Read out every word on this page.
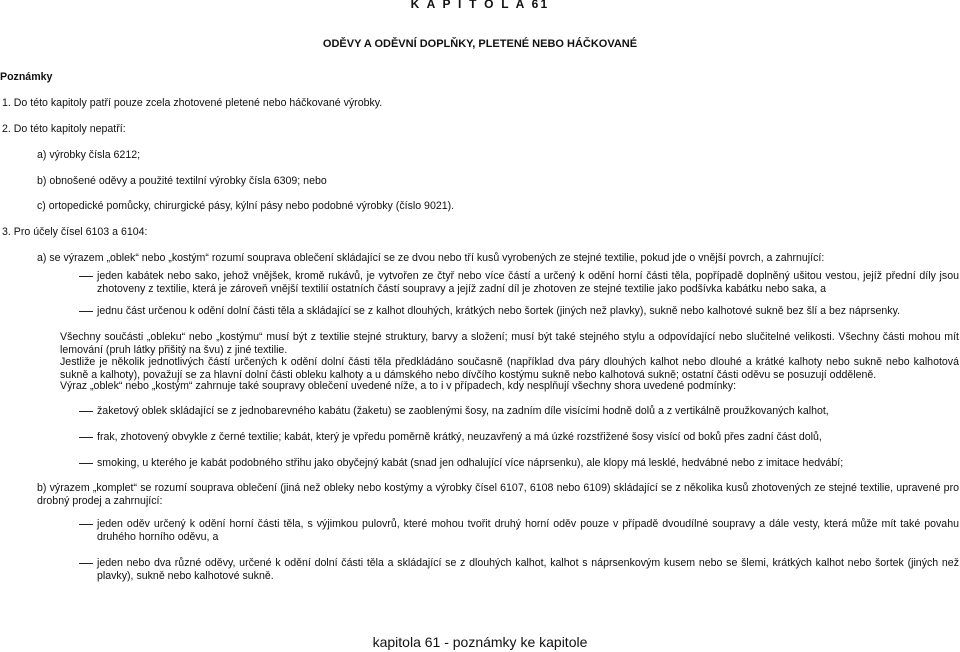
K A P I T O L A 61
ODĚVY A ODĚVNÍ DOPLŇKY, PLETENÉ NEBO HÁČKOVANÉ
Poznámky
1. Do této kapitoly patří pouze zcela zhotovené pletené nebo háčkované výrobky.
2. Do této kapitoly nepatří:
a) výrobky čísla 6212;
b) obnošené oděvy a použité textilní výrobky čísla 6309; nebo
c) ortopedické pomůcky, chirurgické pásy, kýlní pásy nebo podobné výrobky (číslo 9021).
3. Pro účely čísel 6103 a 6104:
a) se výrazem „oblek“ nebo „kostým“ rozumí souprava oblečení skládající se ze dvou nebo tří kusů vyrobených ze stejné textilie, pokud jde o vnější povrch, a zahrnující:
jeden kabátek nebo sako, jehož vnějšek, kromě rukávů, je vytvořen ze čtyř nebo více částí a určený k odění horní části těla, popřípadě doplněný ušitou vestou, jejíž přední díly jsou zhotoveny z textilie, která je zároveň vnější textilií ostatních částí soupravy a jejíž zadní díl je zhotoven ze stejné textilie jako podšívka kabátku nebo saka, a
jednu část určenou k odění dolní části těla a skládající se z kalhot dlouhých, krátkých nebo šortek (jiných než plavky), sukně nebo kalhotové sukně bez šlí a bez náprsenky.
Všechny součásti „obleku“ nebo „kostýmu“ musí být z textilie stejné struktury, barvy a složení; musí být také stejného stylu a odpovídající nebo slučitelné velikosti. Všechny části mohou mít lemování (pruh látky přišitý na švu) z jiné textilie.
Jestliže je několik jednotlivých částí určených k odění dolní části těla předkládáno současně (například dva páry dlouhých kalhot nebo dlouhé a krátké kalhoty nebo sukně nebo kalhotová sukně a kalhoty), považují se za hlavní dolní části obleku kalhoty a u dámského nebo dívčího kostýmu sukně nebo kalhotová sukně; ostatní části oděvu se posuzují odděleně.
Výraz „oblek“ nebo „kostým“ zahrnuje také soupravy oblečení uvedené níže, a to i v případech, kdy nesplňují všechny shora uvedené podmínky:
žaketový oblek skládající se z jednobarevného kabátu (žaketu) se zaoblenými šosy, na zadním díle visícími hodně dolů a z vertikálně proužkovaných kalhot,
frak, zhotovený obvykle z černé textilie; kabát, který je vpředu poměrně krátký, neuzavřený a má úzké rozstřižené šosy visící od boků přes zadní část dolů,
smoking, u kterého je kabát podobného střihu jako obyčejný kabát (snad jen odhalující více náprsenku), ale klopy má lesklé, hedvábné nebo z imitace hedvábí;
b) výrazem „komplet“ se rozumí souprava oblečení (jiná než obleky nebo kostýmy a výrobky čísel 6107, 6108 nebo 6109) skládající se z několika kusů zhotovených ze stejné textilie, upravené pro drobný prodej a zahrnující:
jeden oděv určený k odění horní části těla, s výjimkou pulovrů, které mohou tvořit druhý horní oděv pouze v případě dvoudílné soupravy a dále vesty, která může mít také povahu druhého horního oděvu, a
jeden nebo dva různé oděvy, určené k odění dolní části těla a skládající se z dlouhých kalhot, kalhot s náprsenkovým kusem nebo se šlemi, krátkých kalhot nebo šortek (jiných než plavky), sukně nebo kalhotové sukně.
kapitola 61 - poznámky ke kapitole
